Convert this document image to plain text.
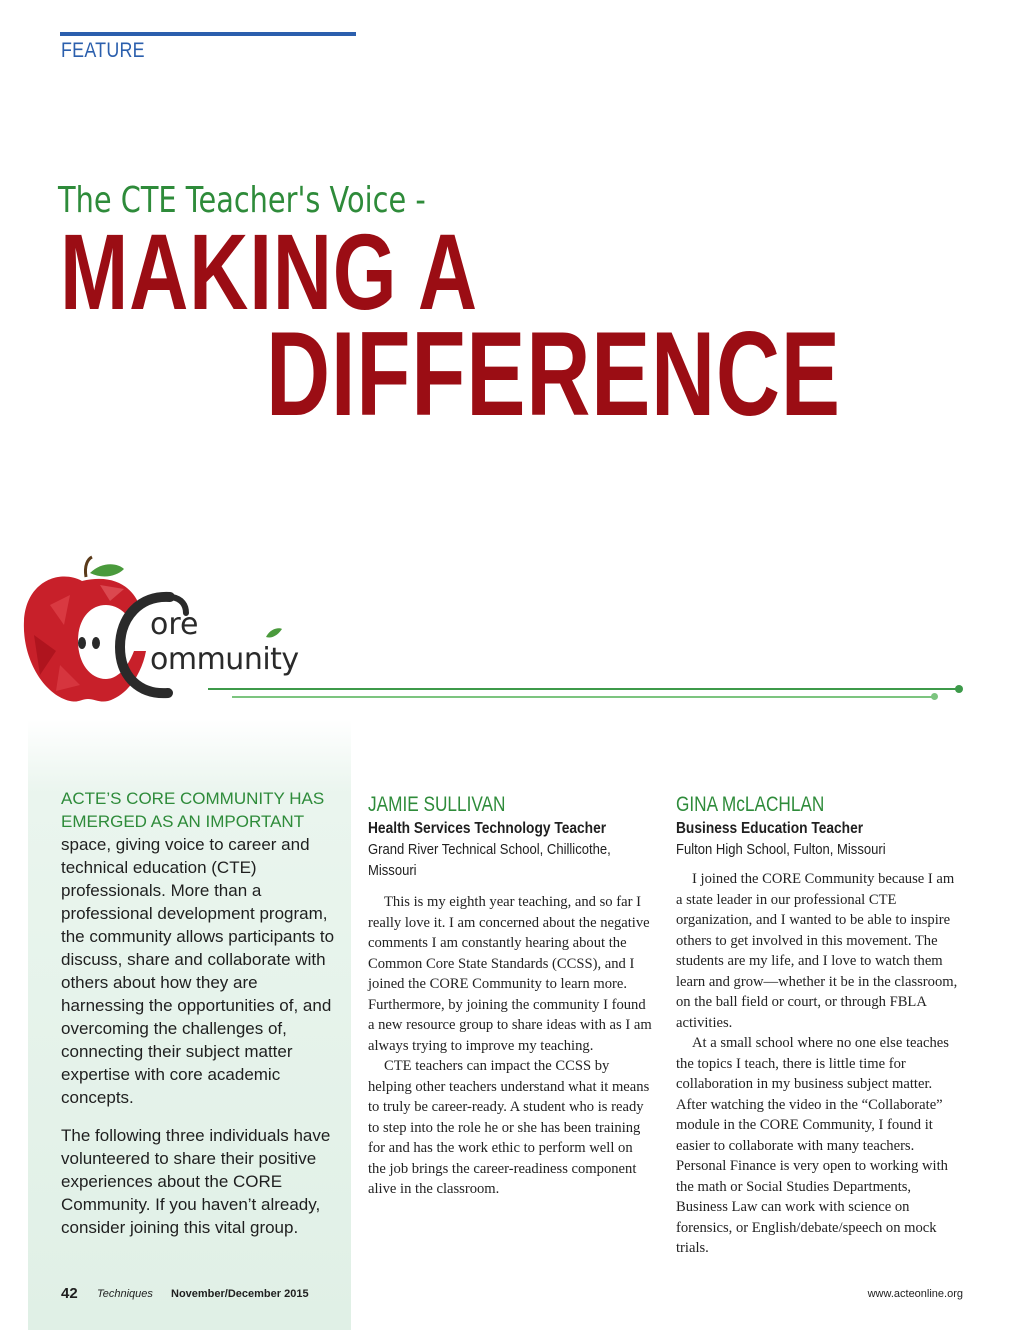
FEATURE
The CTE Teacher's Voice -
MAKING A
DIFFERENCE
ore
ommunity

ACTE’S CORE COMMUNITY HAS EMERGED AS AN IMPORTANT space, giving voice to career and technical education (CTE) professionals. More than a professional development program, the community allows participants to discuss, share and collaborate with others about how they are harnessing the opportunities of, and overcoming the challenges of, connecting their subject matter expertise with core academic concepts.

The following three individuals have volunteered to share their positive experiences about the CORE Community. If you haven’t already, consider joining this vital group.

JAMIE SULLIVAN
Health Services Technology Teacher
Grand River Technical School, Chillicothe,
Missouri

This is my eighth year teaching, and so far I really love it. I am concerned about the negative comments I am constantly hearing about the Common Core State Standards (CCSS), and I joined the CORE Community to learn more. Furthermore, by joining the community I found a new resource group to share ideas with as I am always trying to improve my teaching.

CTE teachers can impact the CCSS by helping other teachers understand what it means to truly be career-ready. A student who is ready to step into the role he or she has been training for and has the work ethic to perform well on the job brings the career-readiness component alive in the classroom.

GINA McLACHLAN
Business Education Teacher
Fulton High School, Fulton, Missouri

I joined the CORE Community because I am a state leader in our professional CTE organization, and I wanted to be able to inspire others to get involved in this movement. The students are my life, and I love to watch them learn and grow—whether it be in the classroom, on the ball field or court, or through FBLA activities.

At a small school where no one else teaches the topics I teach, there is little time for collaboration in my business subject matter. After watching the video in the “Collaborate” module in the CORE Community, I found it easier to collaborate with many teachers. Personal Finance is very open to working with the math or Social Studies Departments, Business Law can work with science on forensics, or English/debate/speech on mock trials.

42 Techniques November/December 2015	www.acteonline.org
